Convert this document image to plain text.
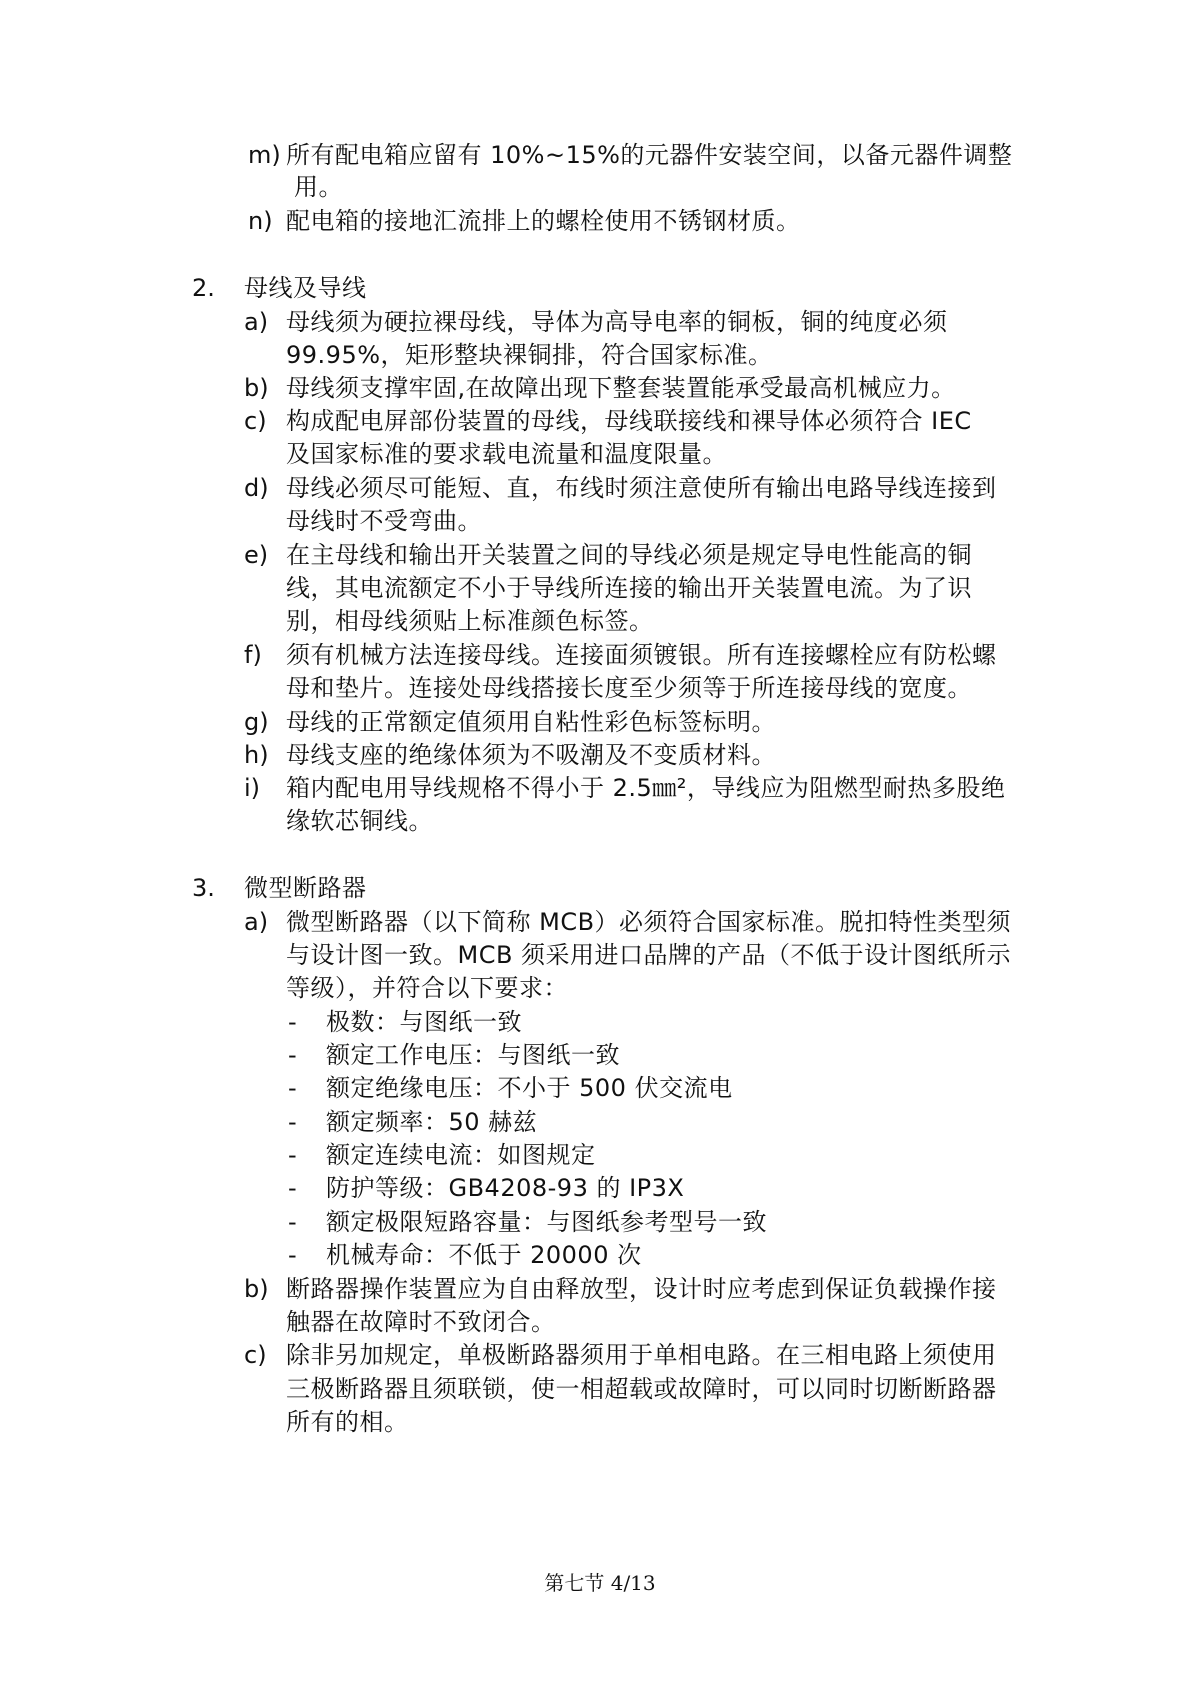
m) 所有配电箱应留有 10%~15%的元器件安装空间，以备元器件调整
用。
n) 配电箱的接地汇流排上的螺栓使用不锈钢材质。
2. 母线及导线
a) 母线须为硬拉裸母线，导体为高导电率的铜板，铜的纯度必须
99.95%，矩形整块裸铜排，符合国家标准。
b) 母线须支撑牢固,在故障出现下整套装置能承受最高机械应力。
c) 构成配电屏部份装置的母线，母线联接线和裸导体必须符合 IEC
及国家标准的要求载电流量和温度限量。
d) 母线必须尽可能短、直，布线时须注意使所有输出电路导线连接到
母线时不受弯曲。
e) 在主母线和输出开关装置之间的导线必须是规定导电性能高的铜
线，其电流额定不小于导线所连接的输出开关装置电流。为了识
别，相母线须贴上标准颜色标签。
f) 须有机械方法连接母线。连接面须镀银。所有连接螺栓应有防松螺
母和垫片。连接处母线搭接长度至少须等于所连接母线的宽度。
g) 母线的正常额定值须用自粘性彩色标签标明。
h) 母线支座的绝缘体须为不吸潮及不变质材料。
i) 箱内配电用导线规格不得小于 2.5㎜²，导线应为阻燃型耐热多股绝
缘软芯铜线。
3. 微型断路器
a) 微型断路器（以下简称 MCB）必须符合国家标准。脱扣特性类型须
与设计图一致。MCB 须采用进口品牌的产品（不低于设计图纸所示
等级），并符合以下要求：
- 极数：与图纸一致
- 额定工作电压：与图纸一致
- 额定绝缘电压：不小于 500 伏交流电
- 额定频率：50 赫兹
- 额定连续电流：如图规定
- 防护等级：GB4208-93 的 IP3X
- 额定极限短路容量：与图纸参考型号一致
- 机械寿命：不低于 20000 次
b) 断路器操作装置应为自由释放型，设计时应考虑到保证负载操作接
触器在故障时不致闭合。
c) 除非另加规定，单极断路器须用于单相电路。在三相电路上须使用
三极断路器且须联锁，使一相超载或故障时，可以同时切断断路器
所有的相。
第七节 4/13
